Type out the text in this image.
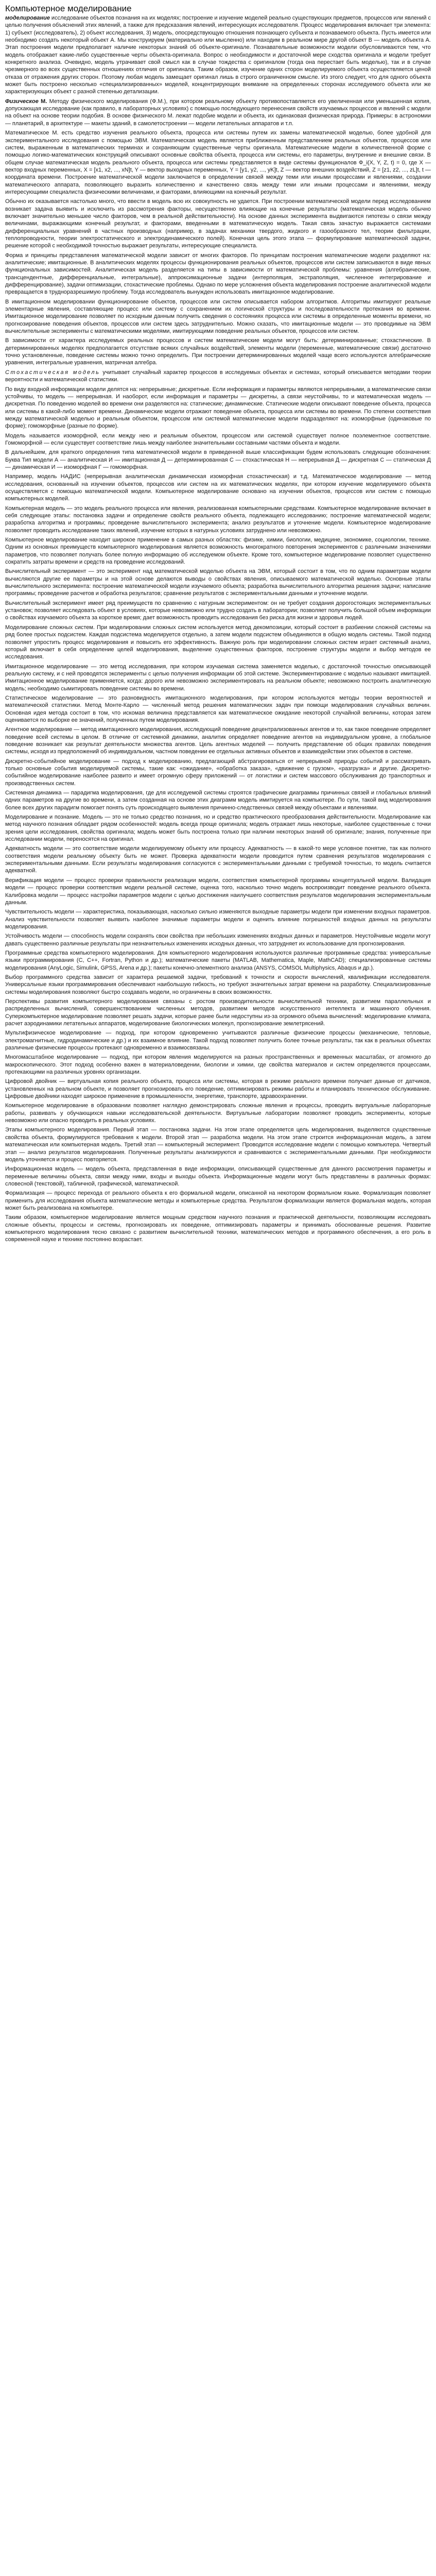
Компьютерное моделирование

моделирование исследование объектов познания на их моделях; построение и изучение моделей реально существующих предметов, процессов или явлений с целью получения объяснений этих явлений, а также для предсказания явлений, интересующих исследователя. Процесс моделирования включает три элемента: 1) субъект (исследователь), 2) объект исследования, 3) модель, опосредствующую отношения познающего субъекта и познаваемого объекта. Пусть имеется или необходимо создать некоторый объект А. Мы конструируем (материально или мысленно) или находим в реальном мире другой объект В — модель объекта А. Этап построения модели предполагает наличие некоторых знаний об объекте-оригинале. Познавательные возможности модели обусловливаются тем, что модель отображает какие-либо существенные черты объекта-оригинала. Вопрос о необходимости и достаточной мере сходства оригинала и модели требует конкретного анализа. Очевидно, модель утрачивает свой смысл как в случае тождества с оригиналом (тогда она перестает быть моделью), так и в случае чрезмерного во всех существенных отношениях отличия от оригинала. Таким образом, изучение одних сторон моделируемого объекта осуществляется ценой отказа от отражения других сторон. Поэтому любая модель замещает оригинал лишь в строго ограниченном смысле. Из этого следует, что для одного объекта может быть построено несколько «специализированных» моделей, концентрирующих внимание на определенных сторонах исследуемого объекта или же характеризующих объект с разной степенью детализации.

Физическое М. Методу физического моделирования (Ф.М.), при котором реальному объекту противопоставляется его увеличенная или уменьшенная копия, допускающая исследование (как правило, в лабораторных условиях) с помощью последующего перенесения свойств изучаемых процессов и явлений с модели на объект на основе теории подобия. В основе физического М. лежат подобие модели и объекта, их одинаковая физическая природа. Примеры: в астрономии — планетарий, в архитектуре — макеты зданий, в самолетостроении — модели летательных аппаратов и т.п.

Математическое М. есть средство изучения реального объекта, процесса или системы путем их замены математической моделью, более удобной для экспериментального исследования с помощью ЭВМ. Математическая модель является приближенным представлением реальных объектов, процессов или систем, выраженным в математических терминах и сохраняющим существенные черты оригинала. Математические модели в количественной форме с помощью логико-математических конструкций описывают основные свойства объекта, процесса или системы, его параметры, внутренние и внешние связи. В общем случае математическая модель реального объекта, процесса или системы представляется в виде системы функционалов Ф_i(X, Y, Z, t) = 0, где X — вектор входных переменных, X = [x1, x2, ..., xN]t, Y — вектор выходных переменных, Y = [y1, y2, ..., yK]t, Z — вектор внешних воздействий, Z = [z1, z2, ..., zL]t, t — координата времени. Построение математической модели заключается в определении связей между теми или иными процессами и явлениями, создании математического аппарата, позволяющего выразить количественно и качественно связь между теми или иными процессами и явлениями, между интересующими специалиста физическими величинами, и факторами, влияющими на конечный результат.

Обычно их оказывается настолько много, что ввести в модель всю их совокупность не удается. При построении математической модели перед исследованием возникает задача выявить и исключить из рассмотрения факторы, несущественно влияющие на конечные результаты (математическая модель обычно включает значительно меньшее число факторов, чем в реальной действительности). На основе данных эксперимента выдвигаются гипотезы о связи между величинами, выражающими конечный результат, и факторами, введенными в математическую модель. Такая связь зачастую выражается системами дифференциальных уравнений в частных производных (например, в задачах механики твердого, жидкого и газообразного тел, теории фильтрации, теплопроводности, теории электростатического и электродинамического полей). Конечная цель этого этапа — формулирование математической задачи, решение которой с необходимой точностью выражает результаты, интересующие специалиста.

Форма и принципы представления математической модели зависит от многих факторов. По принципам построения математические модели разделяют на: аналитические; имитационные. В аналитических моделях процессы функционирования реальных объектов, процессов или систем записываются в виде явных функциональных зависимостей. Аналитическая модель разделяется на типы в зависимости от математической проблемы: уравнения (алгебраические, трансцендентные, дифференциальные, интегральные), аппроксимационные задачи (интерполяция, экстраполяция, численное интегрирование и дифференцирование), задачи оптимизации, стохастические проблемы. Однако по мере усложнения объекта моделирования построение аналитической модели превращается в трудноразрешимую проблему. Тогда исследователь вынужден использовать имитационное моделирование.

В имитационном моделировании функционирование объектов, процессов или систем описывается набором алгоритмов. Алгоритмы имитируют реальные элементарные явления, составляющие процесс или систему с сохранением их логической структуры и последовательности протекания во времени. Имитационное моделирование позволяет по исходным данным получить сведения о состояниях процесса или системы в определенные моменты времени, но прогнозирование поведения объектов, процессов или систем здесь затруднительно. Можно сказать, что имитационные модели — это проводимые на ЭВМ вычислительные эксперименты с математическими моделями, имитирующими поведение реальных объектов, процессов или систем.

В зависимости от характера исследуемых реальных процессов и систем математические модели могут быть: детерминированные; стохастические. В детерминированных моделях предполагается отсутствие всяких случайных воздействий, элементы модели (переменные, математические связи) достаточно точно установленные, поведение системы можно точно определить. При построении детерминированных моделей чаще всего используются алгебраические уравнения, интегральные уравнения, матричная алгебра.

Стохастическая модель учитывает случайный характер процессов в исследуемых объектах и системах, который описывается методами теории вероятности и математической статистики.

По виду входной информации модели делятся на: непрерывные; дискретные. Если информация и параметры являются непрерывными, а математические связи устойчивы, то модель — непрерывная. И наоборот, если информация и параметры — дискретны, а связи неустойчивы, то и математическая модель — дискретная. По поведению моделей во времени они разделяются на: статические; динамические. Статические модели описывают поведение объекта, процесса или системы в какой-либо момент времени. Динамические модели отражают поведение объекта, процесса или системы во времени. По степени соответствия между математической моделью и реальным объектом, процессом или системой математические модели подразделяют на: изоморфные (одинаковые по форме); гомоморфные (разные по форме).

Модель называется изоморфной, если между нею и реальным объектом, процессом или системой существует полное поэлементное соответствие. Гомоморфной — если существует соответствие лишь между наиболее значительными составными частями объекта и модели.

В дальнейшем, для краткого определения типа математической модели в приведенной выше классификации будем использовать следующие обозначения: Буква Тип модели А — аналитическая И — имитационная Д — детерминированная С — стохастическая Н — непрерывная Д — дискретная С — статическая Д — динамическая И — изоморфная Г — гомоморфная.

Например, модель НАДИС (непрерывная аналитическая динамическая изоморфная стохастическая) и т.д. Математическое моделирование — метод исследования, основанный на изучении объектов, процессов или систем на их математических моделях, при котором изучение моделируемого объекта осуществляется с помощью математической модели. Компьютерное моделирование основано на изучении объектов, процессов или систем с помощью компьютерных моделей.

Компьютерная модель — это модель реального процесса или явления, реализованная компьютерными средствами. Компьютерное моделирование включает в себя следующие этапы: постановка задачи и определение свойств реального объекта, подлежащего исследованию; построение математической модели; разработка алгоритма и программы; проведение вычислительного эксперимента; анализ результатов и уточнение модели. Компьютерное моделирование позволяет проводить исследование таких явлений, изучение которых в натурных условиях затруднено или невозможно.

Компьютерное моделирование находит широкое применение в самых разных областях: физике, химии, биологии, медицине, экономике, социологии, технике. Одним из основных преимуществ компьютерного моделирования является возможность многократного повторения экспериментов с различными значениями параметров, что позволяет получать более полную информацию об исследуемом объекте. Кроме того, компьютерное моделирование позволяет существенно сократить затраты времени и средств на проведение исследований.

Вычислительный эксперимент — это эксперимент над математической моделью объекта на ЭВМ, который состоит в том, что по одним параметрам модели вычисляются другие ее параметры и на этой основе делаются выводы о свойствах явления, описываемого математической моделью. Основные этапы вычислительного эксперимента: построение математической модели изучаемого объекта; разработка вычислительного алгоритма решения задачи; написание программы; проведение расчетов и обработка результатов; сравнение результатов с экспериментальными данными и уточнение модели.

Вычислительный эксперимент имеет ряд преимуществ по сравнению с натурным экспериментом: он не требует создания дорогостоящих экспериментальных установок; позволяет исследовать объект в условиях, которые невозможно или трудно создать в лаборатории; позволяет получить большой объем информации о свойствах изучаемого объекта за короткое время; дает возможность проводить исследования без риска для жизни и здоровья людей.

Моделирование сложных систем. При моделировании сложных систем используется метод декомпозиции, который состоит в разбиении сложной системы на ряд более простых подсистем. Каждая подсистема моделируется отдельно, а затем модели подсистем объединяются в общую модель системы. Такой подход позволяет упростить процесс моделирования и повысить его эффективность. Важную роль при моделировании сложных систем играет системный анализ, который включает в себя определение целей моделирования, выделение существенных факторов, построение структуры модели и выбор методов ее исследования.

Имитационное моделирование — это метод исследования, при котором изучаемая система заменяется моделью, с достаточной точностью описывающей реальную систему, и с ней проводятся эксперименты с целью получения информации об этой системе. Экспериментирование с моделью называют имитацией. Имитационное моделирование применяется, когда: дорого или невозможно экспериментировать на реальном объекте; невозможно построить аналитическую модель; необходимо сымитировать поведение системы во времени.

Статистическое моделирование — это разновидность имитационного моделирования, при котором используются методы теории вероятностей и математической статистики. Метод Монте-Карло — численный метод решения математических задач при помощи моделирования случайных величин. Основная идея метода состоит в том, что искомая величина представляется как математическое ожидание некоторой случайной величины, которая затем оценивается по выборке ее значений, полученных путем моделирования.

Агентное моделирование — метод имитационного моделирования, исследующий поведение децентрализованных агентов и то, как такое поведение определяет поведение всей системы в целом. В отличие от системной динамики, аналитик определяет поведение агентов на индивидуальном уровне, а глобальное поведение возникает как результат деятельности множества агентов. Цель агентных моделей — получить представление об общих правилах поведения системы, исходя из предположений об индивидуальном, частном поведении ее отдельных активных объектов и взаимодействии этих объектов в системе.

Дискретно-событийное моделирование — подход к моделированию, предлагающий абстрагироваться от непрерывной природы событий и рассматривать только основные события моделируемой системы, такие как: «ожидание», «обработка заказа», «движение с грузом», «разгрузка» и другие. Дискретно-событийное моделирование наиболее развито и имеет огромную сферу приложений — от логистики и систем массового обслуживания до транспортных и производственных систем.

Системная динамика — парадигма моделирования, где для исследуемой системы строятся графические диаграммы причинных связей и глобальных влияний одних параметров на другие во времени, а затем созданная на основе этих диаграмм модель имитируется на компьютере. По сути, такой вид моделирования более всех других парадигм помогает понять суть происходящего выявления причинно-следственных связей между объектами и явлениями.

Моделирование и познание. Модель — это не только средство познания, но и средство практического преобразования действительности. Моделирование как метод научного познания обладает рядом особенностей: модель всегда проще оригинала; модель отражает лишь некоторые, наиболее существенные с точки зрения цели исследования, свойства оригинала; модель может быть построена только при наличии некоторых знаний об оригинале; знания, полученные при исследовании модели, переносятся на оригинал.

Адекватность модели — это соответствие модели моделируемому объекту или процессу. Адекватность — в какой-то мере условное понятие, так как полного соответствия модели реальному объекту быть не может. Проверка адекватности модели проводится путем сравнения результатов моделирования с экспериментальными данными. Если результаты моделирования согласуются с экспериментальными данными с требуемой точностью, то модель считается адекватной.

Верификация модели — процесс проверки правильности реализации модели, соответствия компьютерной программы концептуальной модели. Валидация модели — процесс проверки соответствия модели реальной системе, оценка того, насколько точно модель воспроизводит поведение реального объекта. Калибровка модели — процесс настройки параметров модели с целью достижения наилучшего соответствия результатов моделирования экспериментальным данным.

Чувствительность модели — характеристика, показывающая, насколько сильно изменяются выходные параметры модели при изменении входных параметров. Анализ чувствительности позволяет выявить наиболее значимые параметры модели и оценить влияние погрешностей входных данных на результаты моделирования.

Устойчивость модели — способность модели сохранять свои свойства при небольших изменениях входных данных и параметров. Неустойчивые модели могут давать существенно различные результаты при незначительных изменениях исходных данных, что затрудняет их использование для прогнозирования.

Программные средства компьютерного моделирования. Для компьютерного моделирования используются различные программные средства: универсальные языки программирования (C, C++, Fortran, Python и др.); математические пакеты (MATLAB, Mathematica, Maple, MathCAD); специализированные системы моделирования (AnyLogic, Simulink, GPSS, Arena и др.); пакеты конечно-элементного анализа (ANSYS, COMSOL Multiphysics, Abaqus и др.).

Выбор программного средства зависит от характера решаемой задачи, требований к точности и скорости вычислений, квалификации исследователя. Универсальные языки программирования обеспечивают наибольшую гибкость, но требуют значительных затрат времени на разработку. Специализированные системы моделирования позволяют быстро создавать модели, но ограничены в своих возможностях.

Перспективы развития компьютерного моделирования связаны с ростом производительности вычислительной техники, развитием параллельных и распределенных вычислений, совершенствованием численных методов, развитием методов искусственного интеллекта и машинного обучения. Суперкомпьютерное моделирование позволяет решать задачи, которые ранее были недоступны из-за огромного объема вычислений: моделирование климата, расчет аэродинамики летательных аппаратов, моделирование биологических молекул, прогнозирование землетрясений.

Мультифизическое моделирование — подход, при котором одновременно учитываются различные физические процессы (механические, тепловые, электромагнитные, гидродинамические и др.) и их взаимное влияние. Такой подход позволяет получить более точные результаты, так как в реальных объектах различные физические процессы протекают одновременно и взаимосвязаны.

Многомасштабное моделирование — подход, при котором явления моделируются на разных пространственных и временных масштабах, от атомного до макроскопического. Этот подход особенно важен в материаловедении, биологии и химии, где свойства материалов и систем определяются процессами, протекающими на различных уровнях организации.

Цифровой двойник — виртуальная копия реального объекта, процесса или системы, которая в режиме реального времени получает данные от датчиков, установленных на реальном объекте, и позволяет прогнозировать его поведение, оптимизировать режимы работы и планировать техническое обслуживание. Цифровые двойники находят широкое применение в промышленности, энергетике, транспорте, здравоохранении.

Компьютерное моделирование в образовании позволяет наглядно демонстрировать сложные явления и процессы, проводить виртуальные лабораторные работы, развивать у обучающихся навыки исследовательской деятельности. Виртуальные лаборатории позволяют проводить эксперименты, которые невозможно или опасно проводить в реальных условиях.

Этапы компьютерного моделирования. Первый этап — постановка задачи. На этом этапе определяется цель моделирования, выделяются существенные свойства объекта, формулируются требования к модели. Второй этап — разработка модели. На этом этапе строится информационная модель, а затем математическая или компьютерная модель. Третий этап — компьютерный эксперимент. Проводится исследование модели с помощью компьютера. Четвертый этап — анализ результатов моделирования. Полученные результаты анализируются и сравниваются с экспериментальными данными. При необходимости модель уточняется и процесс повторяется.

Информационная модель — модель объекта, представленная в виде информации, описывающей существенные для данного рассмотрения параметры и переменные величины объекта, связи между ними, входы и выходы объекта. Информационные модели могут быть представлены в различных формах: словесной (текстовой), табличной, графической, математической.

Формализация — процесс перехода от реального объекта к его формальной модели, описанной на некотором формальном языке. Формализация позволяет применить для исследования объекта математические методы и компьютерные средства. Результатом формализации является формальная модель, которая может быть реализована на компьютере.

Таким образом, компьютерное моделирование является мощным средством научного познания и практической деятельности, позволяющим исследовать сложные объекты, процессы и системы, прогнозировать их поведение, оптимизировать параметры и принимать обоснованные решения. Развитие компьютерного моделирования тесно связано с развитием вычислительной техники, математических методов и программного обеспечения, а его роль в современной науке и технике постоянно возрастает.
